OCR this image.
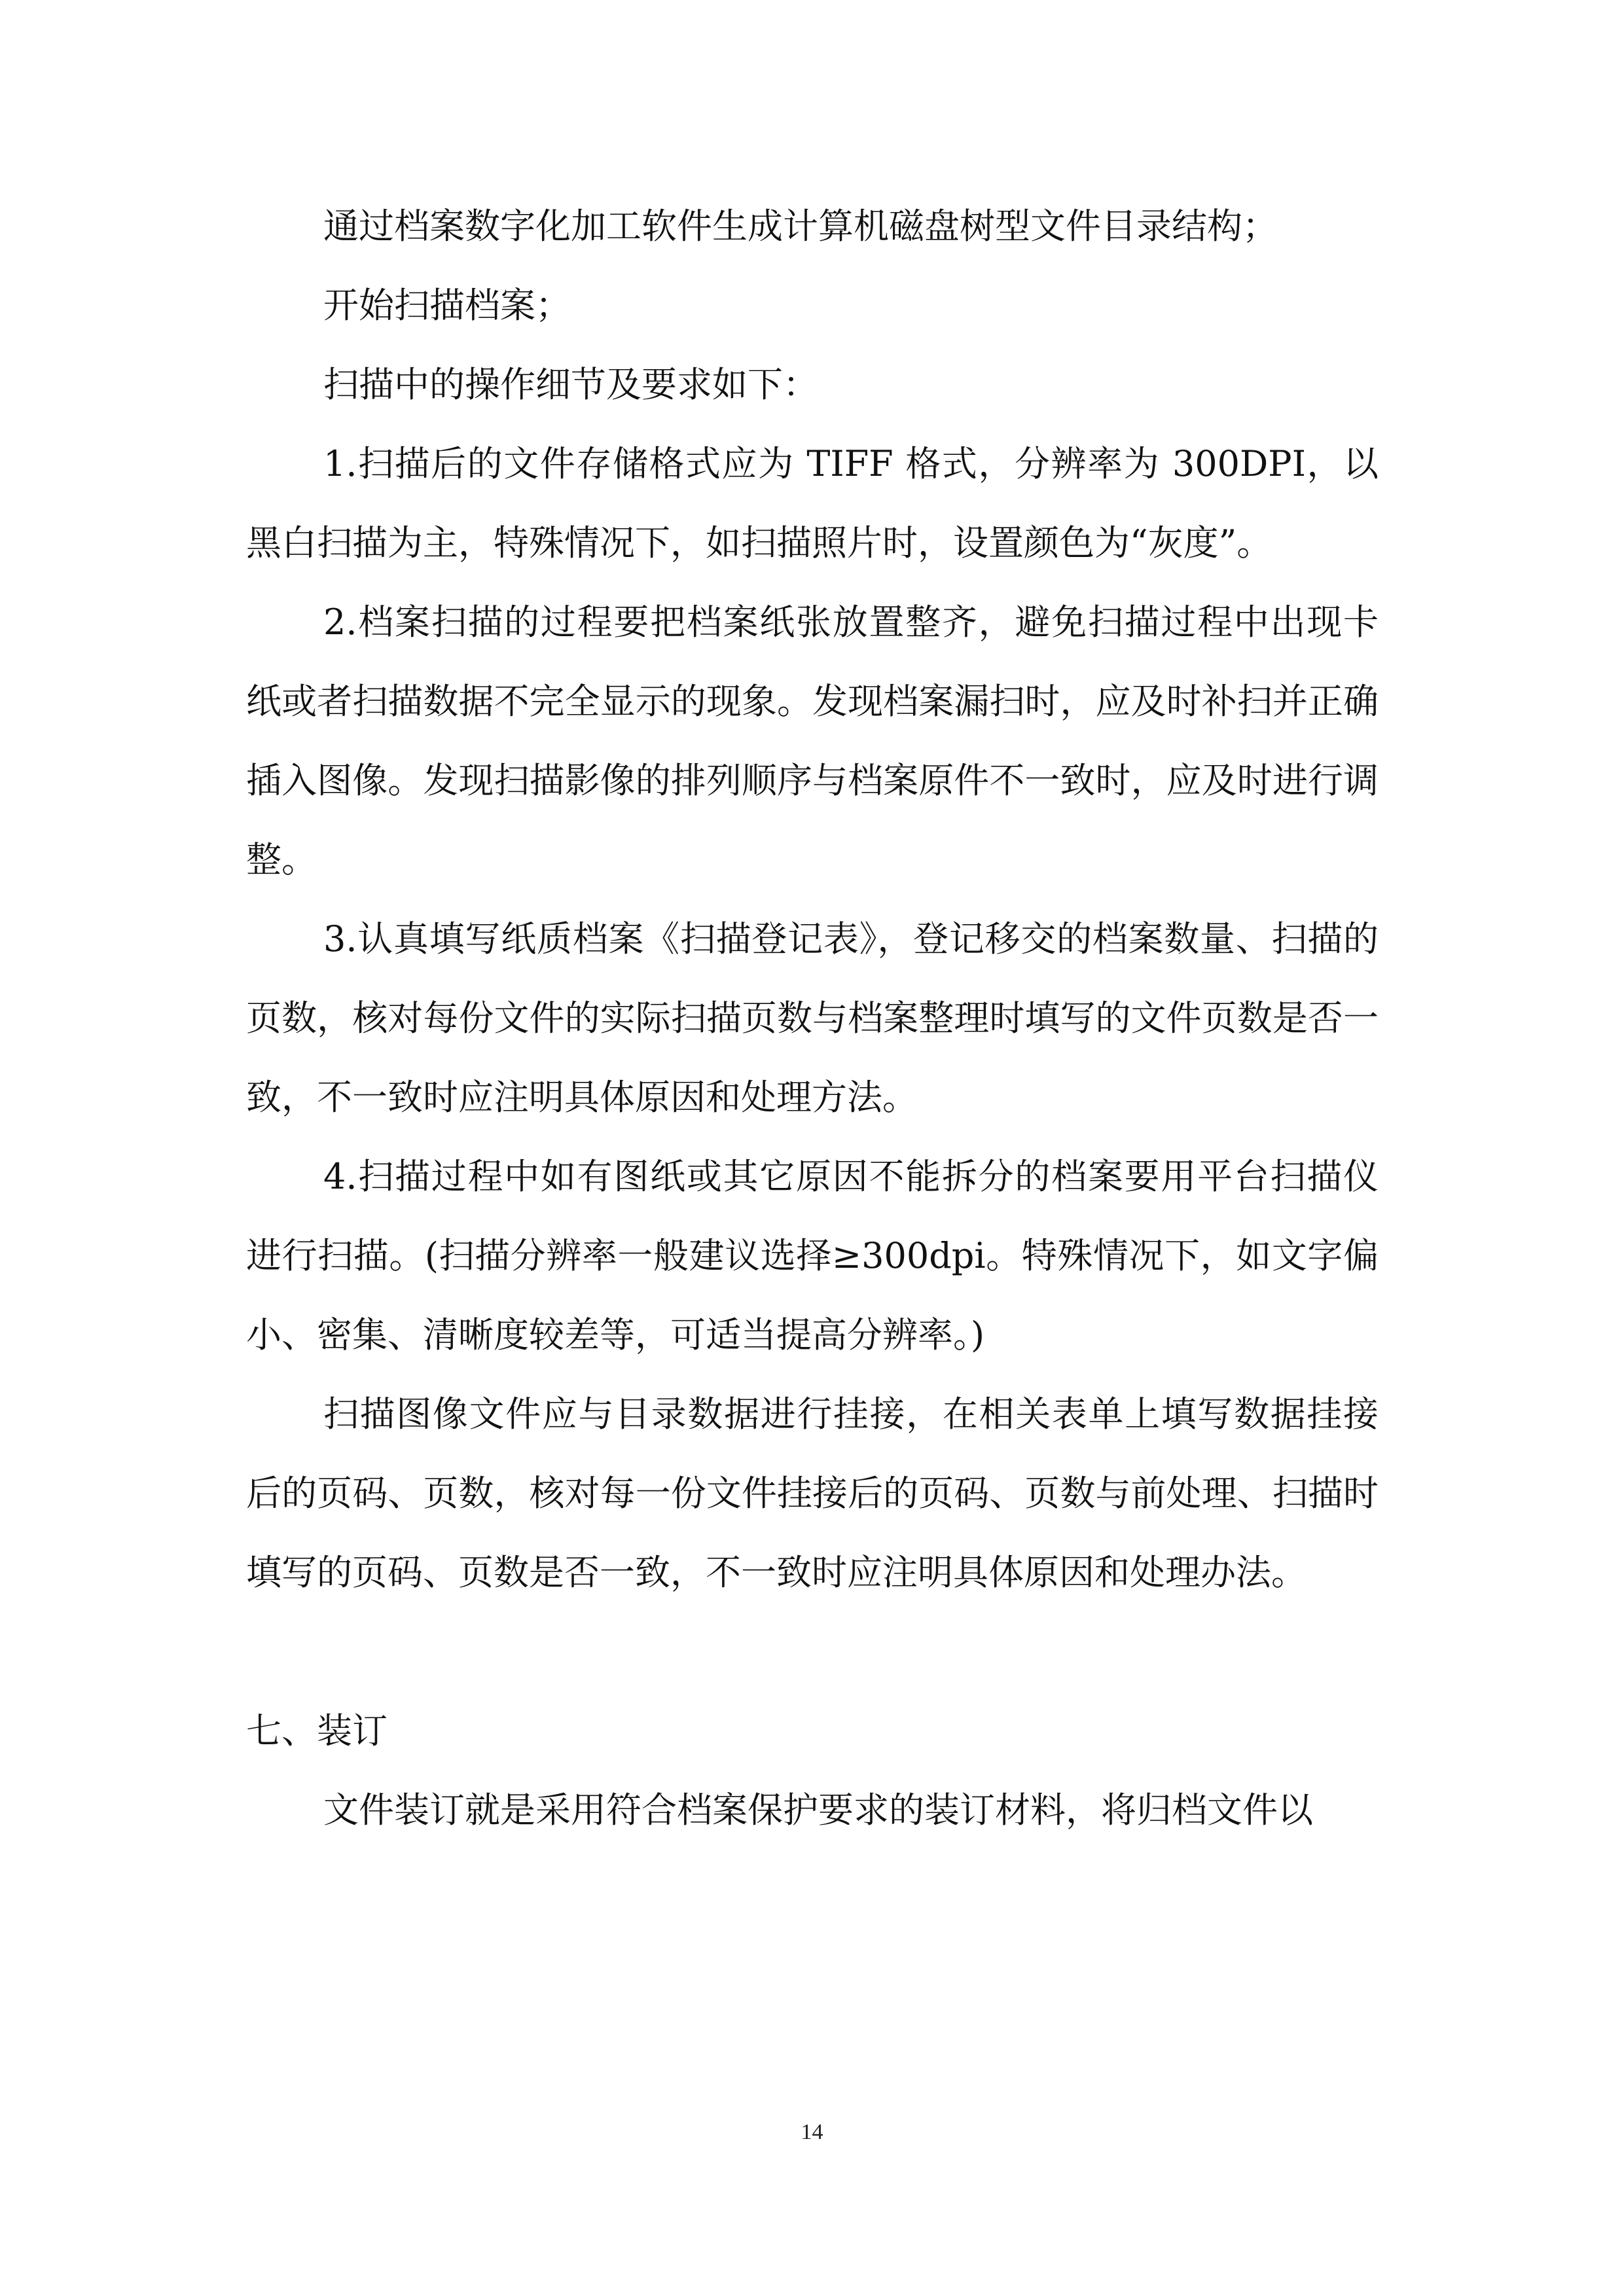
通过档案数字化加工软件生成计算机磁盘树型文件目录结构；

开始扫描档案；

扫描中的操作细节及要求如下：

1.扫描后的文件存储格式应为 TIFF 格式，分辨率为 300DPI，以黑白扫描为主，特殊情况下，如扫描照片时，设置颜色为“灰度”。

2.档案扫描的过程要把档案纸张放置整齐，避免扫描过程中出现卡纸或者扫描数据不完全显示的现象。发现档案漏扫时，应及时补扫并正确插入图像。发现扫描影像的排列顺序与档案原件不一致时，应及时进行调整。

3.认真填写纸质档案《扫描登记表》，登记移交的档案数量、扫描的页数，核对每份文件的实际扫描页数与档案整理时填写的文件页数是否一致，不一致时应注明具体原因和处理方法。

4.扫描过程中如有图纸或其它原因不能拆分的档案要用平台扫描仪进行扫描。(扫描分辨率一般建议选择≥300dpi。特殊情况下，如文字偏小、密集、清晰度较差等，可适当提高分辨率。)

扫描图像文件应与目录数据进行挂接，在相关表单上填写数据挂接后的页码、页数，核对每一份文件挂接后的页码、页数与前处理、扫描时填写的页码、页数是否一致，不一致时应注明具体原因和处理办法。

七、装订

文件装订就是采用符合档案保护要求的装订材料，将归档文件以

14
